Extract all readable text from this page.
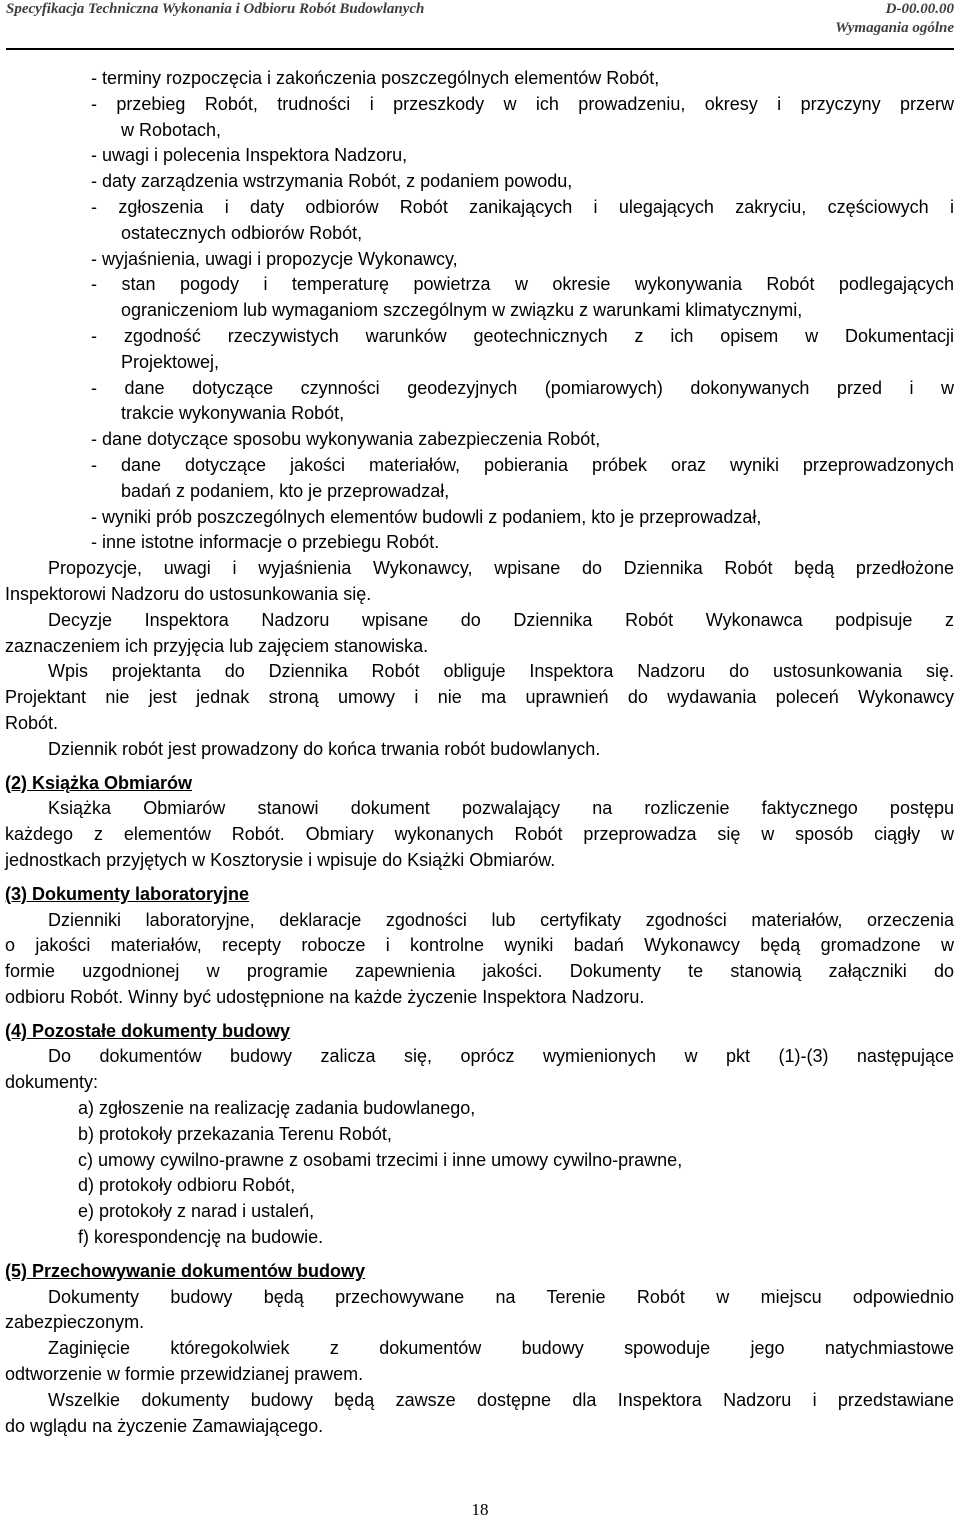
Specyfikacja Techniczna Wykonania i Odbioru Robót Budowlanych	D-00.00.00
Wymagania ogólne
- terminy rozpoczęcia i zakończenia poszczególnych elementów Robót,
- przebieg Robót, trudności i przeszkody w ich prowadzeniu, okresy i przyczyny przerw
w Robotach,
- uwagi i polecenia Inspektora Nadzoru,
- daty zarządzenia wstrzymania Robót, z podaniem powodu,
- zgłoszenia i daty odbiorów Robót zanikających i ulegających zakryciu, częściowych i
ostatecznych odbiorów Robót,
- wyjaśnienia, uwagi i propozycje Wykonawcy,
- stan pogody i temperaturę powietrza w okresie wykonywania Robót podlegających
ograniczeniom lub wymaganiom szczególnym w związku z warunkami klimatycznymi,
- zgodność rzeczywistych warunków geotechnicznych z ich opisem w Dokumentacji
Projektowej,
- dane dotyczące czynności geodezyjnych (pomiarowych) dokonywanych przed i w
trakcie wykonywania Robót,
- dane dotyczące sposobu wykonywania zabezpieczenia Robót,
- dane dotyczące jakości materiałów, pobierania próbek oraz wyniki przeprowadzonych
badań z podaniem, kto je przeprowadzał,
- wyniki prób poszczególnych elementów budowli z podaniem, kto je przeprowadzał,
- inne istotne informacje o przebiegu Robót.
Propozycje, uwagi i wyjaśnienia Wykonawcy, wpisane do Dziennika Robót będą przedłożone
Inspektorowi Nadzoru do ustosunkowania się.
Decyzje Inspektora Nadzoru wpisane do Dziennika Robót Wykonawca podpisuje z
zaznaczeniem ich przyjęcia lub zajęciem stanowiska.
Wpis projektanta do Dziennika Robót obliguje Inspektora Nadzoru do ustosunkowania się.
Projektant nie jest jednak stroną umowy i nie ma uprawnień do wydawania poleceń Wykonawcy
Robót.
Dziennik robót jest prowadzony do końca trwania robót budowlanych.
(2) Książka Obmiarów
Książka Obmiarów stanowi dokument pozwalający na rozliczenie faktycznego postępu
każdego z elementów Robót. Obmiary wykonanych Robót przeprowadza się w sposób ciągły w
jednostkach przyjętych w Kosztorysie i wpisuje do Książki Obmiarów.
(3) Dokumenty laboratoryjne
Dzienniki laboratoryjne, deklaracje zgodności lub certyfikaty zgodności materiałów, orzeczenia
o jakości materiałów, recepty robocze i kontrolne wyniki badań Wykonawcy będą gromadzone w
formie uzgodnionej w programie zapewnienia jakości. Dokumenty te stanowią załączniki do
odbioru Robót. Winny być udostępnione na każde życzenie Inspektora Nadzoru.
(4) Pozostałe dokumenty budowy
Do dokumentów budowy zalicza się, oprócz wymienionych w pkt (1)-(3) następujące
dokumenty:
a) zgłoszenie na realizację zadania budowlanego,
b) protokoły przekazania Terenu Robót,
c) umowy cywilno-prawne z osobami trzecimi i inne umowy cywilno-prawne,
d) protokoły odbioru Robót,
e) protokoły z narad i ustaleń,
f) korespondencję na budowie.
(5) Przechowywanie dokumentów budowy
Dokumenty budowy będą przechowywane na Terenie Robót w miejscu odpowiednio
zabezpieczonym.
Zaginięcie któregokolwiek z dokumentów budowy spowoduje jego natychmiastowe
odtworzenie w formie przewidzianej prawem.
Wszelkie dokumenty budowy będą zawsze dostępne dla Inspektora Nadzoru i przedstawiane
do wglądu na życzenie Zamawiającego.
18
